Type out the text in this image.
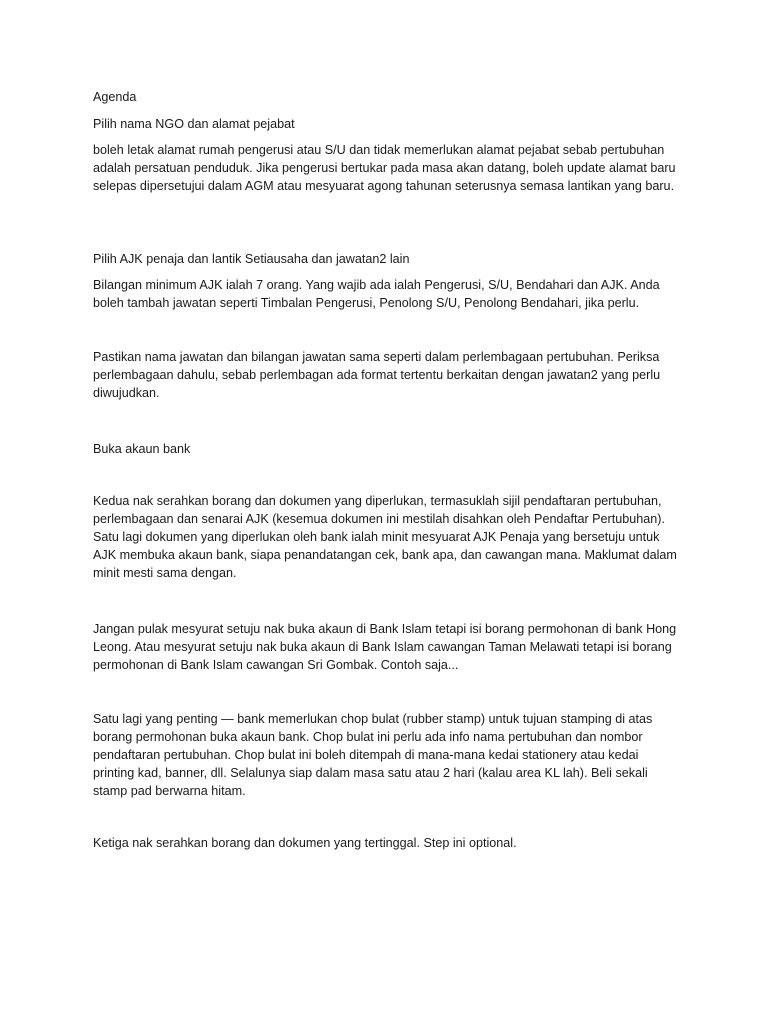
Agenda

Pilih nama NGO dan alamat pejabat

boleh letak alamat rumah pengerusi atau S/U dan tidak memerlukan alamat pejabat sebab pertubuhan adalah persatuan penduduk. Jika pengerusi bertukar pada masa akan datang, boleh update alamat baru selepas dipersetujui dalam AGM atau mesyuarat agong tahunan seterusnya semasa lantikan yang baru.

Pilih AJK penaja dan lantik Setiausaha dan jawatan2 lain

Bilangan minimum AJK ialah 7 orang. Yang wajib ada ialah Pengerusi, S/U, Bendahari dan AJK. Anda boleh tambah jawatan seperti Timbalan Pengerusi, Penolong S/U, Penolong Bendahari, jika perlu.

Pastikan nama jawatan dan bilangan jawatan sama seperti dalam perlembagaan pertubuhan. Periksa perlembagaan dahulu, sebab perlembagan ada format tertentu berkaitan dengan jawatan2 yang perlu diwujudkan.

Buka akaun bank

Kedua nak serahkan borang dan dokumen yang diperlukan, termasuklah sijil pendaftaran pertubuhan, perlembagaan dan senarai AJK (kesemua dokumen ini mestilah disahkan oleh Pendaftar Pertubuhan). Satu lagi dokumen yang diperlukan oleh bank ialah minit mesyuarat AJK Penaja yang bersetuju untuk AJK membuka akaun bank, siapa penandatangan cek, bank apa, dan cawangan mana. Maklumat dalam minit mesti sama dengan.

Jangan pulak mesyurat setuju nak buka akaun di Bank Islam tetapi isi borang permohonan di bank Hong Leong. Atau mesyurat setuju nak buka akaun di Bank Islam cawangan Taman Melawati tetapi isi borang permohonan di Bank Islam cawangan Sri Gombak. Contoh saja...

Satu lagi yang penting — bank memerlukan chop bulat (rubber stamp) untuk tujuan stamping di atas borang permohonan buka akaun bank. Chop bulat ini perlu ada info nama pertubuhan dan nombor pendaftaran pertubuhan. Chop bulat ini boleh ditempah di mana-mana kedai stationery atau kedai printing kad, banner, dll. Selalunya siap dalam masa satu atau 2 hari (kalau area KL lah). Beli sekali stamp pad berwarna hitam.

Ketiga nak serahkan borang dan dokumen yang tertinggal. Step ini optional.
